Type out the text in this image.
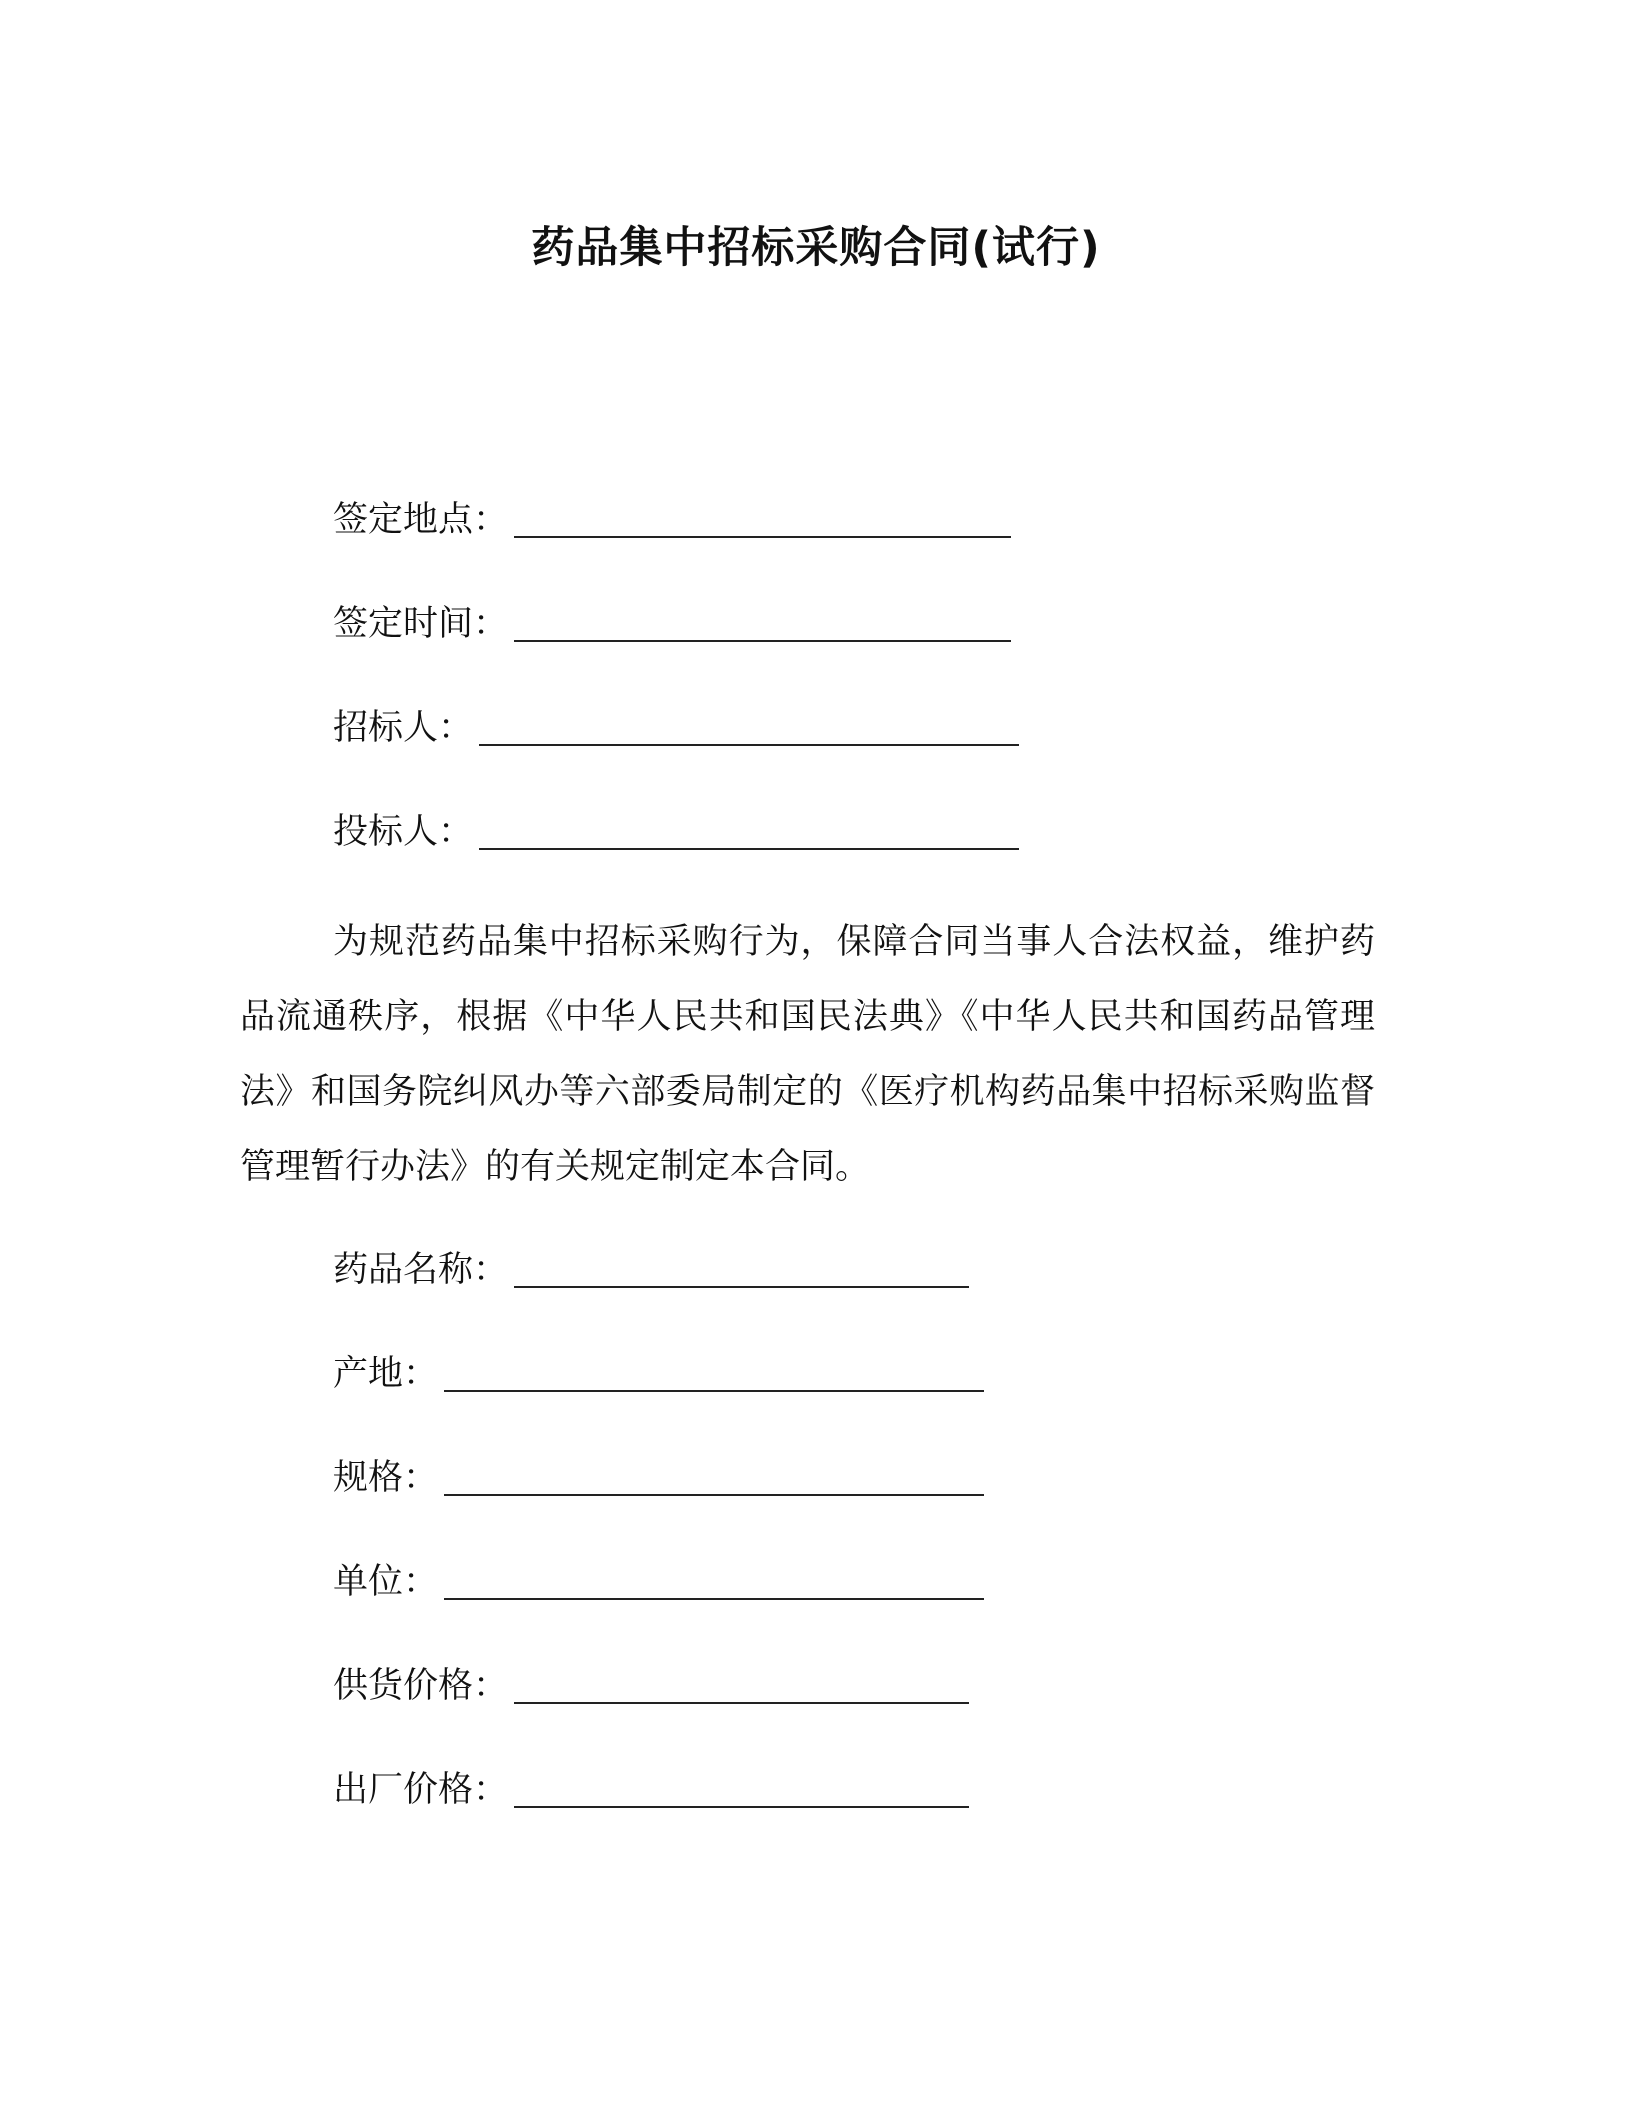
药品集中招标采购合同(试行)
签定地点：
签定时间：
招标人：
投标人：
为规范药品集中招标采购行为，保障合同当事人合法权益，维护药品流通秩序，根据《中华人民共和国民法典》《中华人民共和国药品管理法》和国务院纠风办等六部委局制定的《医疗机构药品集中招标采购监督管理暂行办法》的有关规定制定本合同。
药品名称：
产地：
规格：
单位：
供货价格：
出厂价格：
